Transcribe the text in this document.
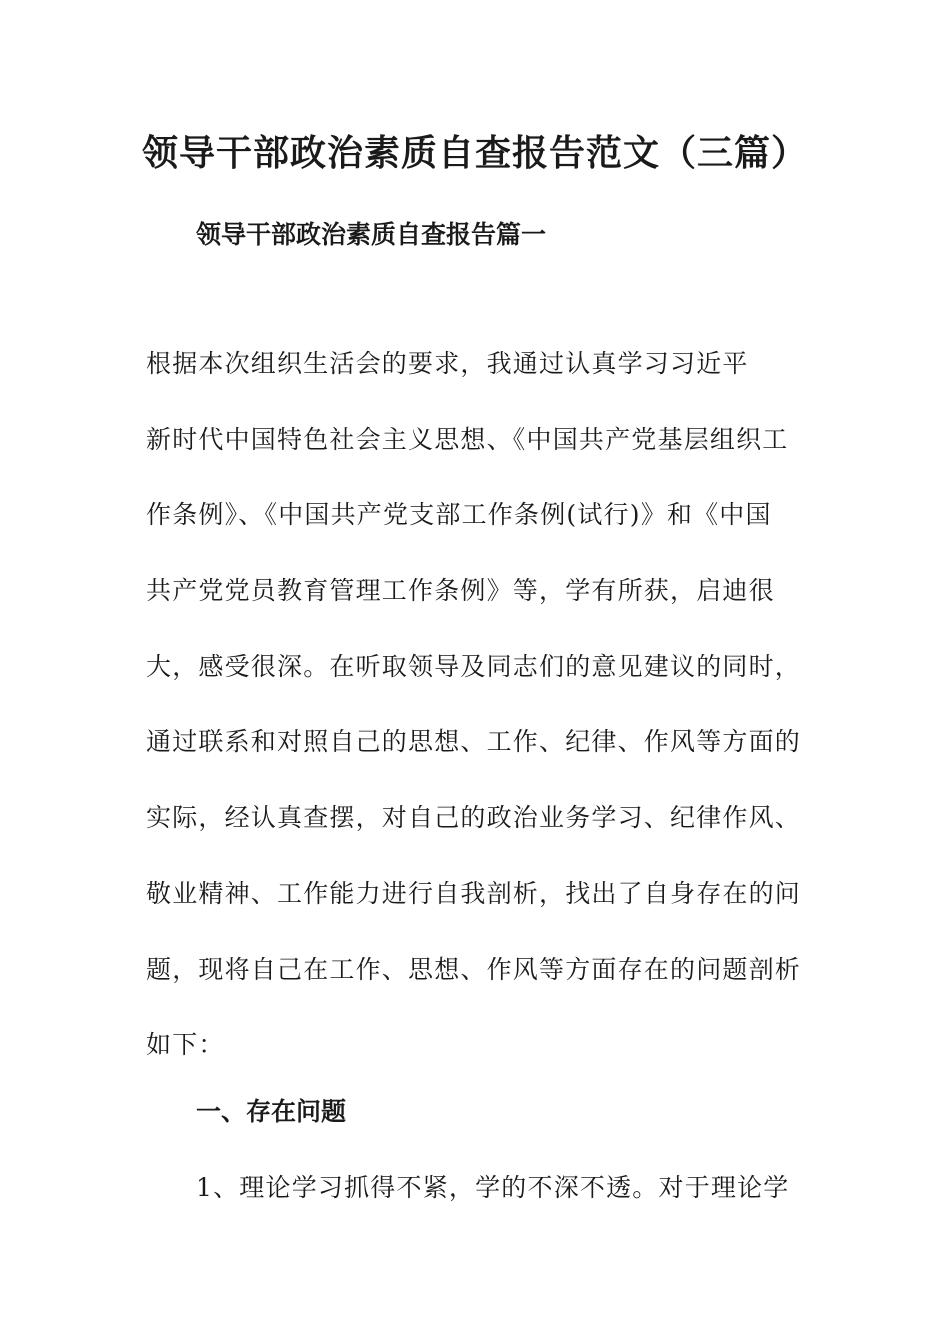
领导干部政治素质自查报告范文（三篇）
领导干部政治素质自查报告篇一
根据本次组织生活会的要求，我通过认真学习习近平
新时代中国特色社会主义思想、《中国共产党基层组织工
作条例》、《中国共产党支部工作条例(试行)》和《中国
共产党党员教育管理工作条例》等，学有所获，启迪很
大，感受很深。在听取领导及同志们的意见建议的同时，
通过联系和对照自己的思想、工作、纪律、作风等方面的
实际，经认真查摆，对自己的政治业务学习、纪律作风、
敬业精神、工作能力进行自我剖析，找出了自身存在的问
题，现将自己在工作、思想、作风等方面存在的问题剖析
如下：
一、存在问题
1、理论学习抓得不紧，学的不深不透。对于理论学
